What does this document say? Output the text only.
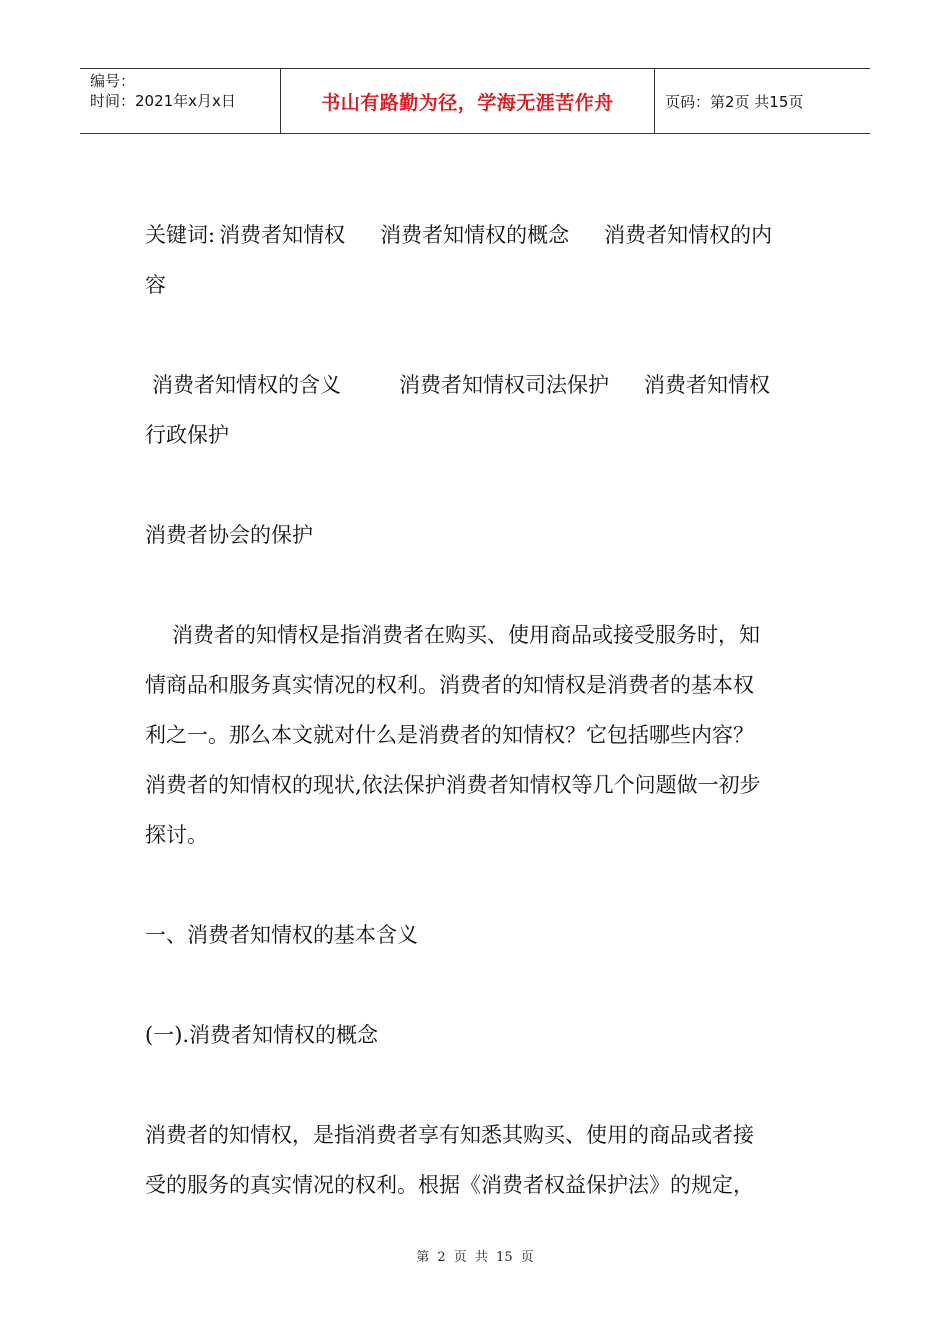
编号：
时间：2021年x月x日	书山有路勤为径，学海无涯苦作舟	页码：第2页 共15页

关键词: 消费者知情权 消费者知情权的概念 消费者知情权的内

容

消费者知情权的含义	消费者知情权司法保护 消费者知情权

行政保护

消费者协会的保护

消费者的知情权是指消费者在购买、使用商品或接受服务时，知

情商品和服务真实情况的权利。消费者的知情权是消费者的基本权

利之一。那么本文就对什么是消费者的知情权？它包括哪些内容？

消费者的知情权的现状,依法保护消费者知情权等几个问题做一初步

探讨。

一、消费者知情权的基本含义

(一).消费者知情权的概念

消费者的知情权，是指消费者享有知悉其购买、使用的商品或者接

受的服务的真实情况的权利。根据《消费者权益保护法》的规定，

第 2 页 共 15 页
